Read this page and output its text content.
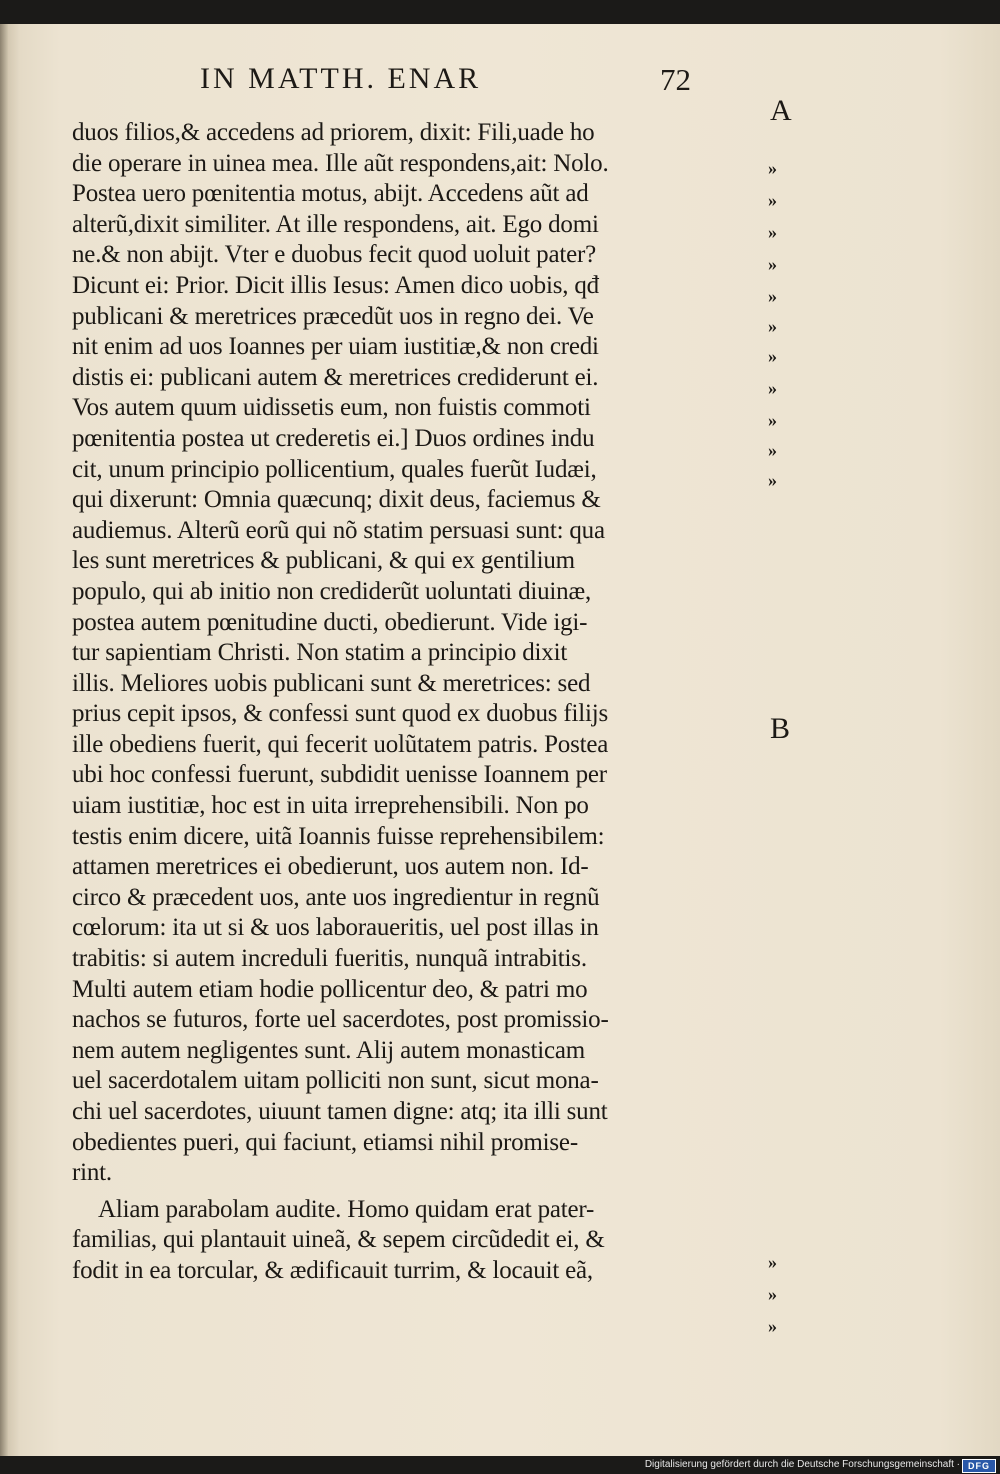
IN MATTH. ENAR	72
duos filios,& accedens ad priorem, dixit: Fili,uade ho
die operare in uinea mea. Ille aũt respondens,ait: Nolo.
Postea uero pœnitentia motus, abijt. Accedens aũt ad
alterũ,dixit similiter. At ille respondens, ait. Ego domi
ne.& non abijt. Vter e duobus fecit quod uoluit pater?
Dicunt ei: Prior. Dicit illis Iesus: Amen dico uobis, qđ
publicani & meretrices præcedũt uos in regno dei. Ve
nit enim ad uos Ioannes per uiam iustitiæ,& non credi
distis ei: publicani autem & meretrices crediderunt ei.
Vos autem quum uidissetis eum, non fuistis commoti
pœnitentia postea ut crederetis ei.] Duos ordines indu
cit, unum principio pollicentium, quales fuerũt Iudæi,
qui dixerunt: Omnia quæcunq; dixit deus, faciemus &
audiemus. Alterũ eorũ qui nõ statim persuasi sunt: qua
les sunt meretrices & publicani, & qui ex gentilium
populo, qui ab initio non crediderũt uoluntati diuinæ,
postea autem pœnitudine ducti, obedierunt. Vide igi-
tur sapientiam Christi. Non statim a principio dixit
illis. Meliores uobis publicani sunt & meretrices: sed
prius cepit ipsos, & confessi sunt quod ex duobus filijs
ille obediens fuerit, qui fecerit uolũtatem patris. Postea
ubi hoc confessi fuerunt, subdidit uenisse Ioannem per
uiam iustitiæ, hoc est in uita irreprehensibili. Non po
testis enim dicere, uitã Ioannis fuisse reprehensibilem:
attamen meretrices ei obedierunt, uos autem non. Id-
circo & præcedent uos, ante uos ingredientur in regnũ
cœlorum: ita ut si & uos laboraueritis, uel post illas in
trabitis: si autem increduli fueritis, nunquã intrabitis.
Multi autem etiam hodie pollicentur deo, & patri mo
nachos se futuros, forte uel sacerdotes, post promissio-
nem autem negligentes sunt. Alij autem monasticam
uel sacerdotalem uitam polliciti non sunt, sicut mona-
chi uel sacerdotes, uiuunt tamen digne: atq; ita illi sunt
obedientes pueri, qui faciunt, etiamsi nihil promise-
rint.
Aliam parabolam audite. Homo quidam erat pater-
familias, qui plantauit uineã, & sepem circũdedit ei, &
fodit in ea torcular, & ædificauit turrim, & locauit eã,
A
B
»
»
»
»
»
»
»
»
»
»
»
»
»
»
Digitalisierung gefördert durch die Deutsche Forschungsgemeinschaft · DFG
